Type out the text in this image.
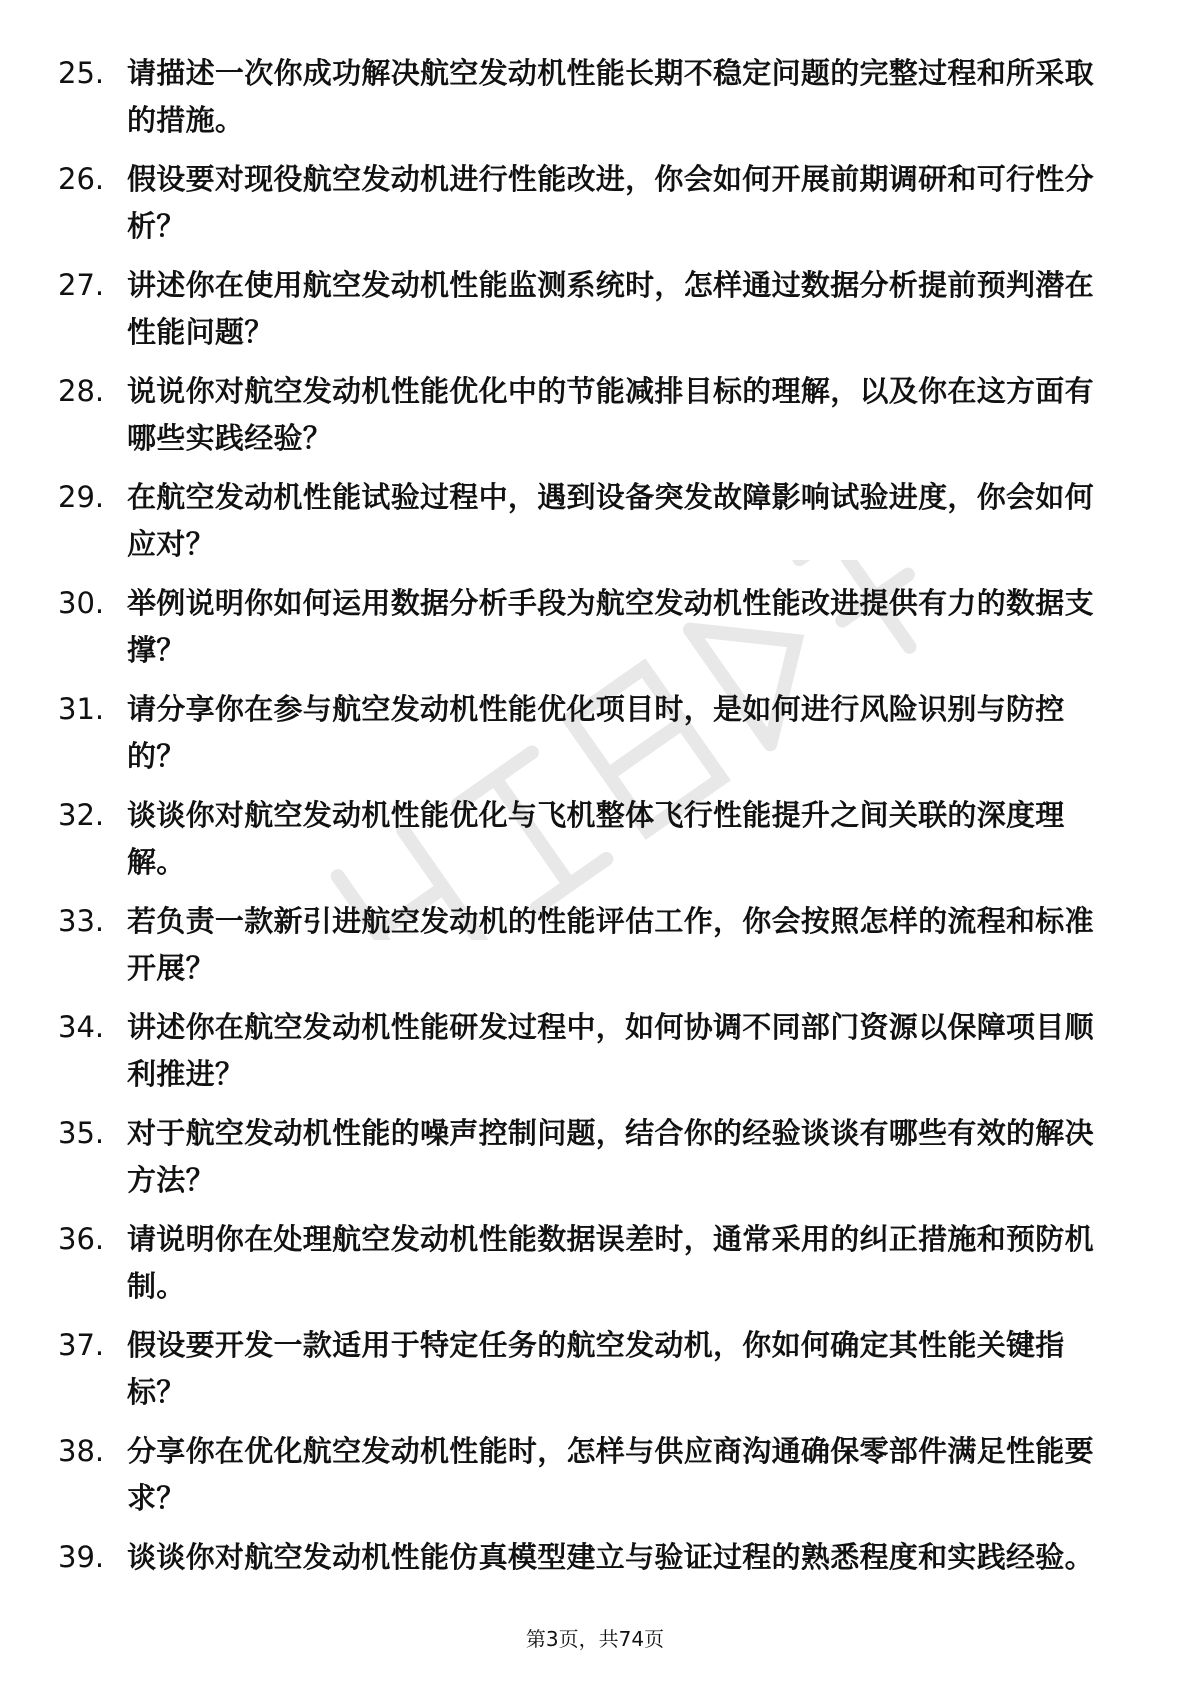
25. 请描述一次你成功解决航空发动机性能长期不稳定问题的完整过程和所采取的措施。
26. 假设要对现役航空发动机进行性能改进，你会如何开展前期调研和可行性分析？
27. 讲述你在使用航空发动机性能监测系统时，怎样通过数据分析提前预判潜在性能问题？
28. 说说你对航空发动机性能优化中的节能减排目标的理解，以及你在这方面有哪些实践经验？
29. 在航空发动机性能试验过程中，遇到设备突发故障影响试验进度，你会如何应对？
30. 举例说明你如何运用数据分析手段为航空发动机性能改进提供有力的数据支撑？
31. 请分享你在参与航空发动机性能优化项目时，是如何进行风险识别与防控的？
32. 谈谈你对航空发动机性能优化与飞机整体飞行性能提升之间关联的深度理解。
33. 若负责一款新引进航空发动机的性能评估工作，你会按照怎样的流程和标准开展？
34. 讲述你在航空发动机性能研发过程中，如何协调不同部门资源以保障项目顺利推进？
35. 对于航空发动机性能的噪声控制问题，结合你的经验谈谈有哪些有效的解决方法？
36. 请说明你在处理航空发动机性能数据误差时，通常采用的纠正措施和预防机制。
37. 假设要开发一款适用于特定任务的航空发动机，你如何确定其性能关键指标？
38. 分享你在优化航空发动机性能时，怎样与供应商沟通确保零部件满足性能要求？
39. 谈谈你对航空发动机性能仿真模型建立与验证过程的熟悉程度和实践经验。
第3页，共74页
